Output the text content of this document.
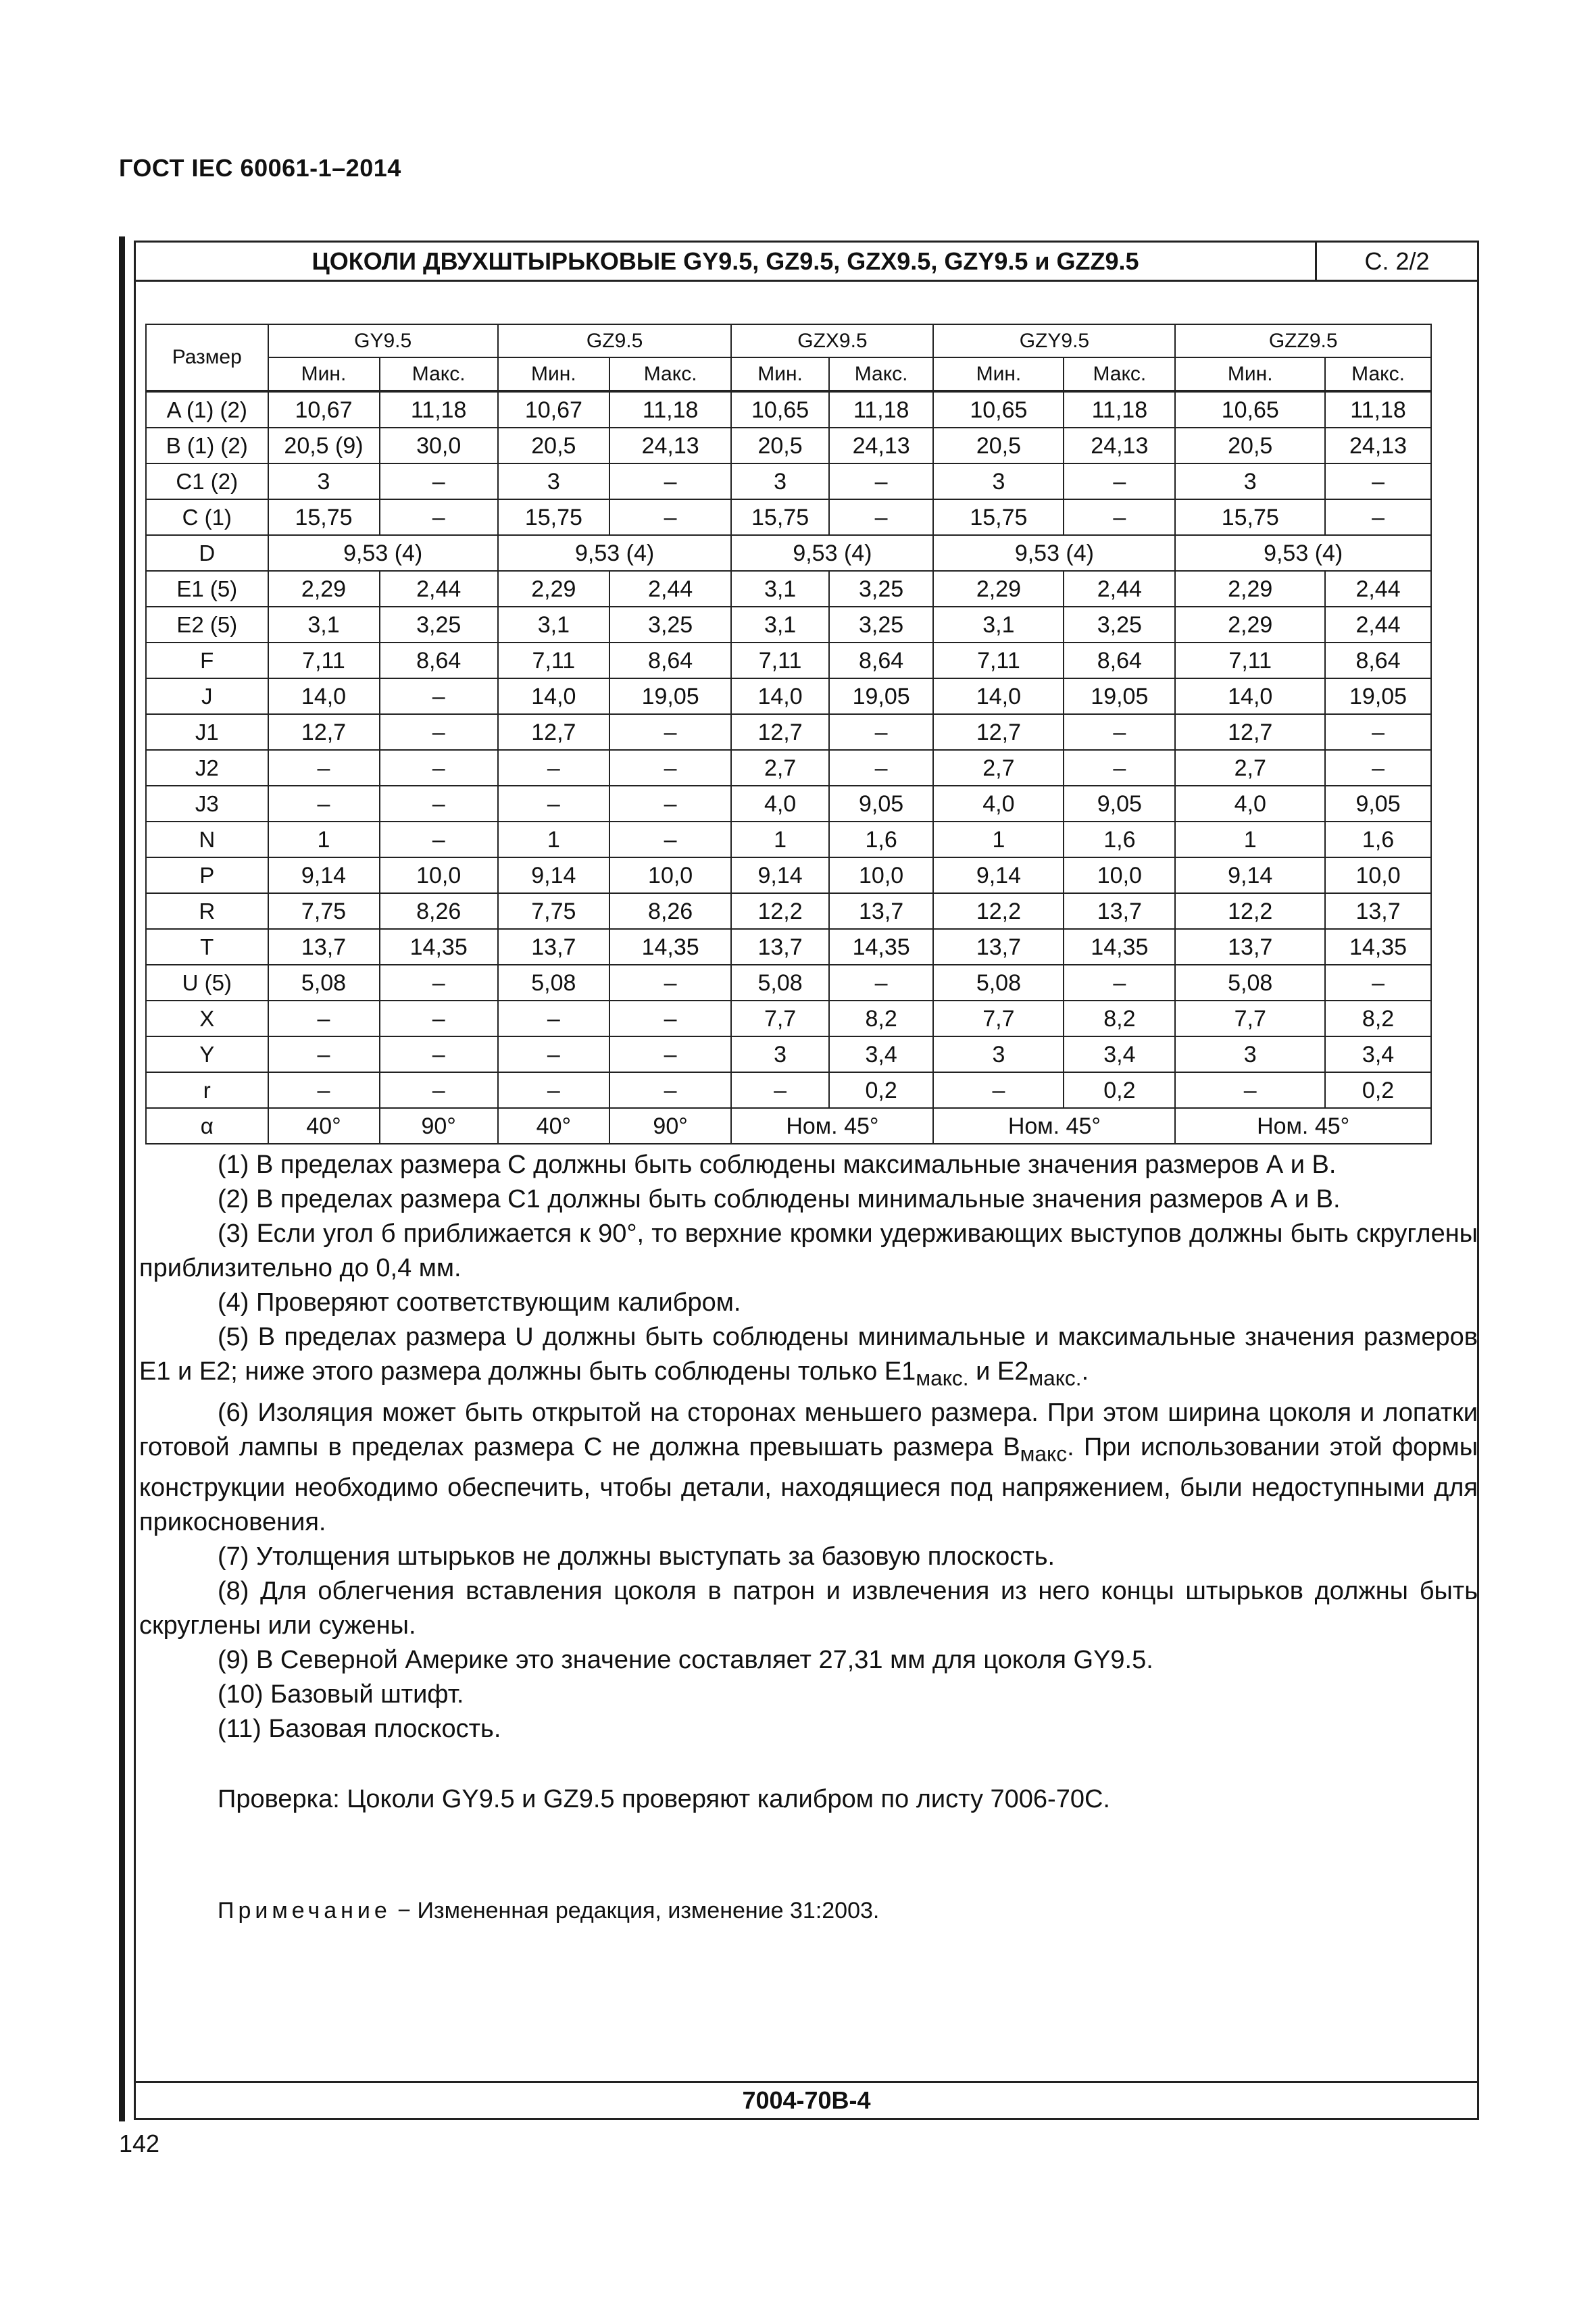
ГОСТ IEC 60061-1–2014
ЦОКОЛИ ДВУХШТЫРЬКОВЫЕ GY9.5, GZ9.5, GZX9.5, GZY9.5 и GZZ9.5	С. 2/2
Размер	GY9.5		GZ9.5		GZX9.5		GZY9.5		GZZ9.5	
	Мин.	Макс.	Мин.	Макс.	Мин.	Макс.	Мин.	Макс.	Мин.	Макс.
A (1) (2)	10,67	11,18	10,67	11,18	10,65	11,18	10,65	11,18	10,65	11,18
B (1) (2)	20,5 (9)	30,0	20,5	24,13	20,5	24,13	20,5	24,13	20,5	24,13
C1 (2)	3	–	3	–	3	–	3	–	3	–
C (1)	15,75	–	15,75	–	15,75	–	15,75	–	15,75	–
D	9,53 (4)		9,53 (4)		9,53 (4)		9,53 (4)		9,53 (4)	
E1 (5)	2,29	2,44	2,29	2,44	3,1	3,25	2,29	2,44	2,29	2,44
E2 (5)	3,1	3,25	3,1	3,25	3,1	3,25	3,1	3,25	2,29	2,44
F	7,11	8,64	7,11	8,64	7,11	8,64	7,11	8,64	7,11	8,64
J	14,0	–	14,0	19,05	14,0	19,05	14,0	19,05	14,0	19,05
J1	12,7	–	12,7	–	12,7	–	12,7	–	12,7	–
J2	–	–	–	–	2,7	–	2,7	–	2,7	–
J3	–	–	–	–	4,0	9,05	4,0	9,05	4,0	9,05
N	1	–	1	–	1	1,6	1	1,6	1	1,6
P	9,14	10,0	9,14	10,0	9,14	10,0	9,14	10,0	9,14	10,0
R	7,75	8,26	7,75	8,26	12,2	13,7	12,2	13,7	12,2	13,7
T	13,7	14,35	13,7	14,35	13,7	14,35	13,7	14,35	13,7	14,35
U (5)	5,08	–	5,08	–	5,08	–	5,08	–	5,08	–
X	–	–	–	–	7,7	8,2	7,7	8,2	7,7	8,2
Y	–	–	–	–	3	3,4	3	3,4	3	3,4
r	–	–	–	–	–	0,2	–	0,2	–	0,2
α	40°	90°	40°	90°	Ном. 45°		Ном. 45°		Ном. 45°	

(1) В пределах размера С должны быть соблюдены максимальные значения размеров А и В.

(2) В пределах размера С1 должны быть соблюдены минимальные значения размеров А и В.

(3) Если угол б приближается к 90°, то верхние кромки удерживающих выступов должны быть скруглены приблизительно до 0,4 мм.

(4) Проверяют соответствующим калибром.

(5) В пределах размера U должны быть соблюдены минимальные и максимальные значения размеров Е1 и Е2; ниже этого размера должны быть соблюдены только $Е1_{макс.}$ и $Е2_{макс.}$.

(6) Изоляция может быть открытой на сторонах меньшего размера. При этом ширина цоколя и лопатки готовой лампы в пределах размера С не должна превышать размера $В_{макс}$. При использовании этой формы конструкции необходимо обеспечить, чтобы детали, находящиеся под напряжением, были недоступными для прикосновения.

(7) Утолщения штырьков не должны выступать за базовую плоскость.

(8) Для облегчения вставления цоколя в патрон и извлечения из него концы штырьков должны быть скруглены или сужены.

(9) В Северной Америке это значение составляет 27,31 мм для цоколя GY9.5.

(10) Базовый штифт.

(11) Базовая плоскость.

Проверка: Цоколи GY9.5 и GZ9.5 проверяют калибром по листу 7006-70С.
Примечание − Измененная редакция, изменение 31:2003.
7004-70B-4
142
